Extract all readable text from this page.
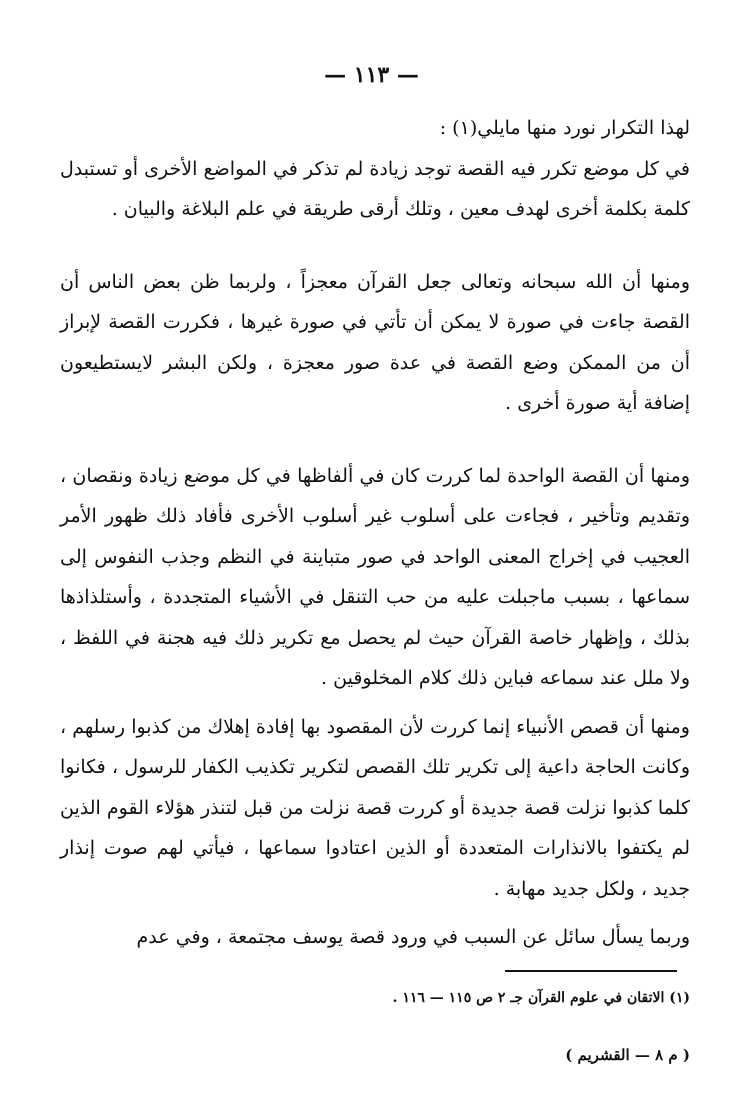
— ١١٣ —

لهذا التكرار نورد منها مايلي(١) :
في كل موضع تكرر فيه القصة توجد زيادة لم تذكر في المواضع الأخرى أو تستبدل كلمة بكلمة أخرى لهدف معين ، وتلك أرقى طريقة في علم البلاغة والبيان .

ومنها أن الله سبحانه وتعالى جعل القرآن معجزاً ، ولربما ظن بعض الناس أن القصة جاءت في صورة لا يمكن أن تأتي في صورة غيرها ، فكررت القصة لإبراز أن من الممكن وضع القصة في عدة صور معجزة ، ولكن البشر لايستطيعون إضافة أية صورة أخرى .

ومنها أن القصة الواحدة لما كررت كان في ألفاظها في كل موضع زيادة ونقصان ، وتقديم وتأخير ، فجاءت على أسلوب غير أسلوب الأخرى فأفاد ذلك ظهور الأمر العجيب في إخراج المعنى الواحد في صور متباينة في النظم وجذب النفوس إلى سماعها ، بسبب ماجبلت عليه من حب التنقل في الأشياء المتجددة ، وأستلذاذها بذلك ، وإظهار خاصة القرآن حيث لم يحصل مع تكرير ذلك فيه هجنة في اللفظ ، ولا ملل عند سماعه فباين ذلك كلام المخلوقين .

ومنها أن قصص الأنبياء إنما كررت لأن المقصود بها إفادة إهلاك من كذبوا رسلهم ، وكانت الحاجة داعية إلى تكرير تلك القصص لتكرير تكذيب الكفار للرسول ، فكانوا كلما كذبوا نزلت قصة جديدة أو كررت قصة نزلت من قبل لتنذر هؤلاء القوم الذين لم يكتفوا بالانذارات المتعددة أو الذين اعتادوا سماعها ، فيأتي لهم صوت إنذار جديد ، ولكل جديد مهابة .

وربما يسأل سائل عن السبب في ورود قصة يوسف مجتمعة ، وفي عدم

(١) الاتقان في علوم القرآن جـ ٢ ص ١١٥ — ١١٦ .
( م ٨ — القشريم )
